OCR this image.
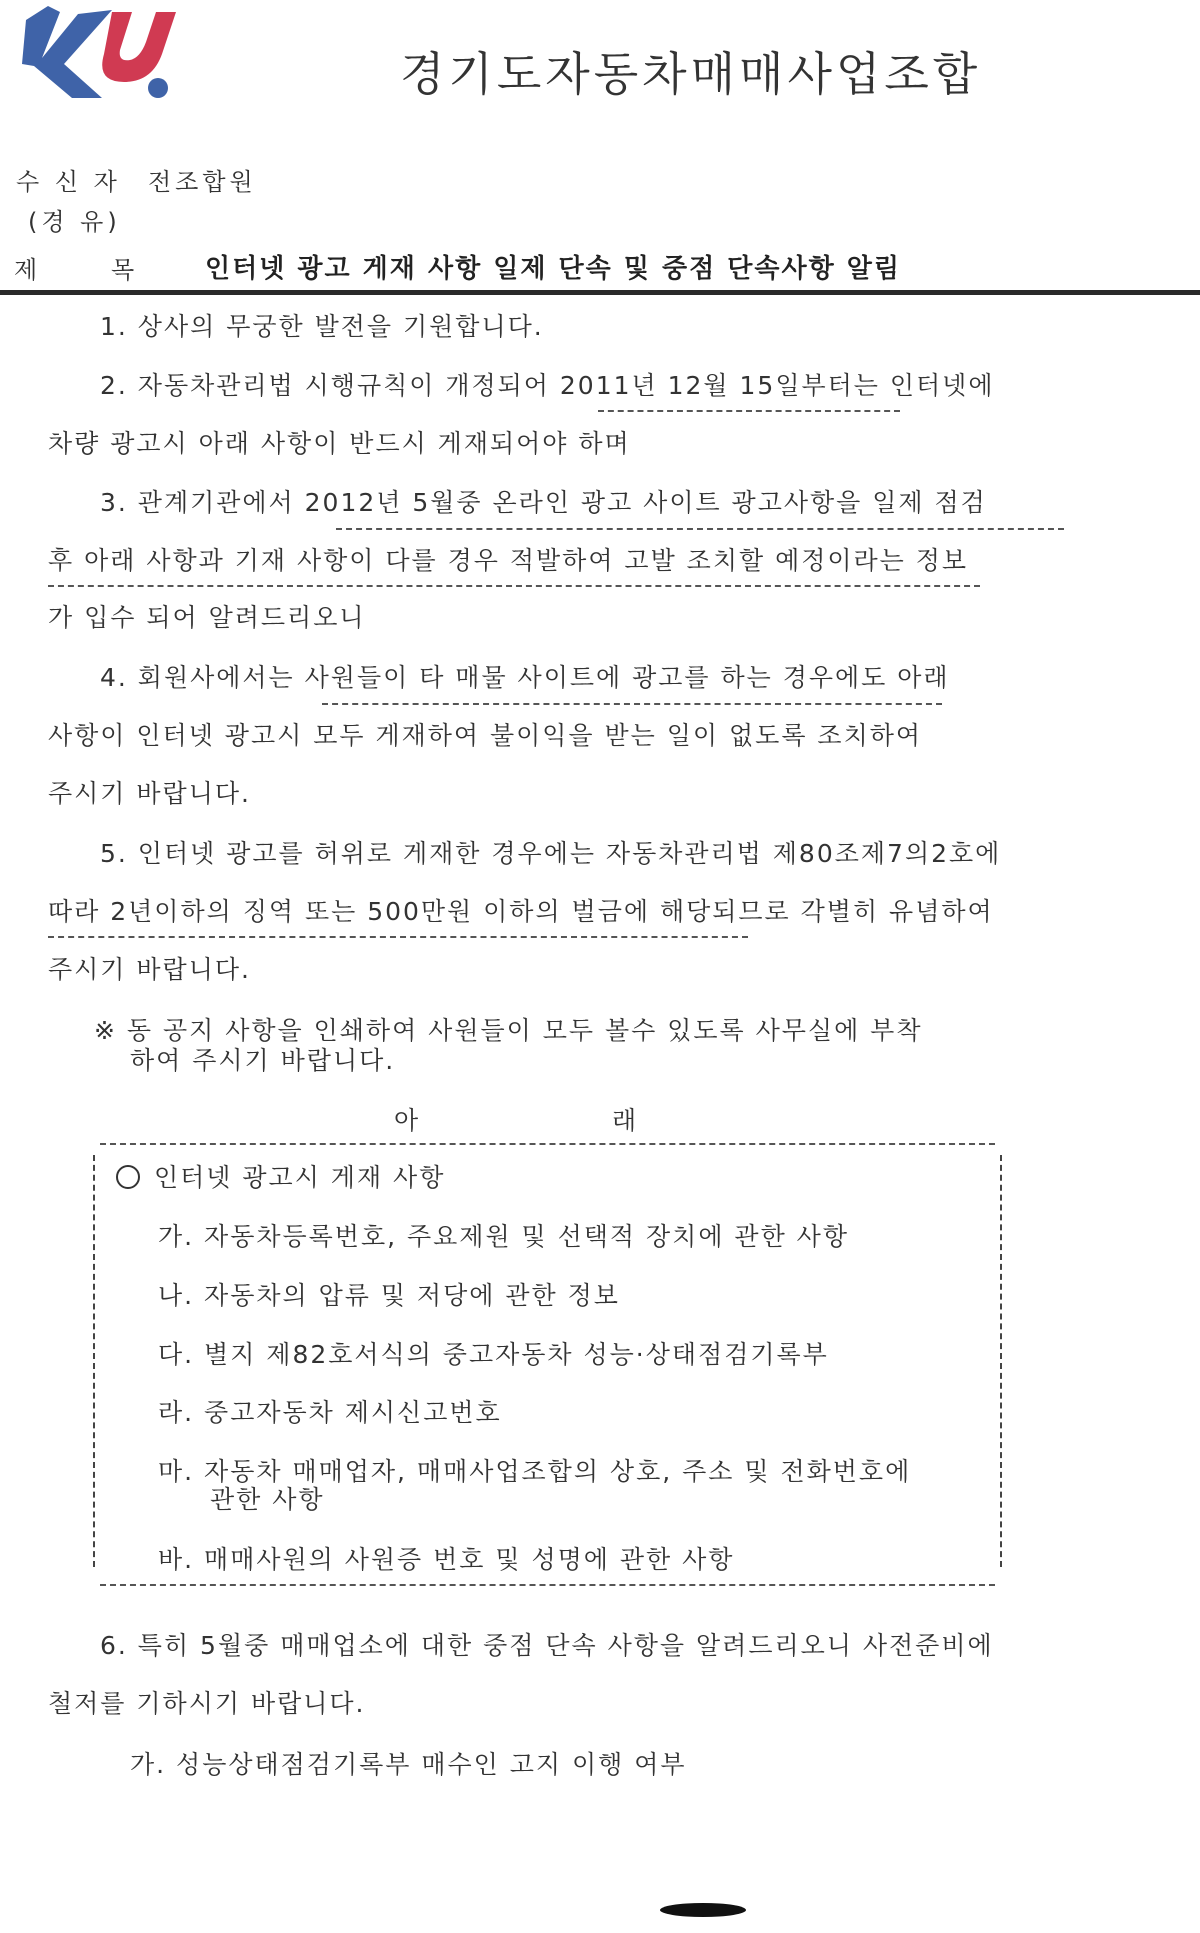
경기도자동차매매사업조합
수 신 자 전조합원
(경 유)
제      목	인터넷 광고 게재 사항 일제 단속 및 중점 단속사항 알림
1. 상사의 무궁한 발전을 기원합니다.
2. 자동차관리법 시행규칙이 개정되어 2011년 12월 15일부터는 인터넷에
차량 광고시 아래 사항이 반드시 게재되어야 하며
3. 관계기관에서 2012년 5월중 온라인 광고 사이트 광고사항을 일제 점검
후 아래 사항과 기재 사항이 다를 경우 적발하여 고발 조치할 예정이라는 정보
가 입수 되어 알려드리오니
4. 회원사에서는 사원들이 타 매물 사이트에 광고를 하는 경우에도 아래
사항이 인터넷 광고시 모두 게재하여 불이익을 받는 일이 없도록 조치하여
주시기 바랍니다.
5. 인터넷 광고를 허위로 게재한 경우에는 자동차관리법 제80조제7의2호에
따라 2년이하의 징역 또는 500만원 이하의 벌금에 해당되므로 각별히 유념하여
주시기 바랍니다.
※ 동 공지 사항을 인쇄하여 사원들이 모두 볼수 있도록 사무실에 부착
하여 주시기 바랍니다.
아	래
인터넷 광고시 게재 사항
가. 자동차등록번호, 주요제원 및 선택적 장치에 관한 사항
나. 자동차의 압류 및 저당에 관한 정보
다. 별지 제82호서식의 중고자동차 성능·상태점검기록부
라. 중고자동차 제시신고번호
마. 자동차 매매업자, 매매사업조합의 상호, 주소 및 전화번호에
관한 사항
바. 매매사원의 사원증 번호 및 성명에 관한 사항
6. 특히 5월중 매매업소에 대한 중점 단속 사항을 알려드리오니 사전준비에
철저를 기하시기 바랍니다.
가. 성능상태점검기록부 매수인 고지 이행 여부
